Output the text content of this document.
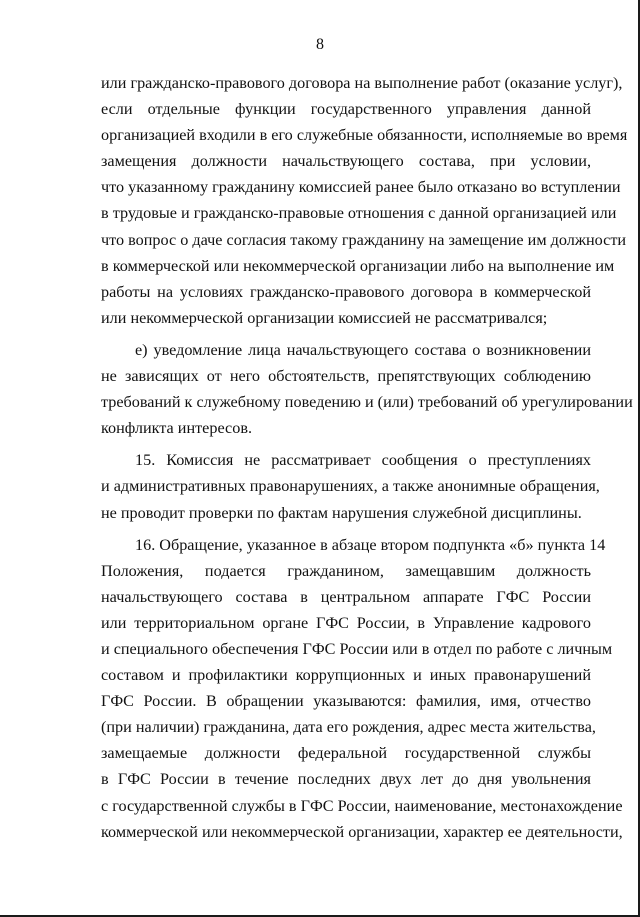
8
или гражданско-правового договора на выполнение работ (оказание услуг),
если отдельные функции государственного управления данной
организацией входили в его служебные обязанности, исполняемые во время
замещения должности начальствующего состава, при условии,
что указанному гражданину комиссией ранее было отказано во вступлении
в трудовые и гражданско-правовые отношения с данной организацией или
что вопрос о даче согласия такому гражданину на замещение им должности
в коммерческой или некоммерческой организации либо на выполнение им
работы на условиях гражданско-правового договора в коммерческой
или некоммерческой организации комиссией не рассматривался;
е) уведомление лица начальствующего состава о возникновении
не зависящих от него обстоятельств, препятствующих соблюдению
требований к служебному поведению и (или) требований об урегулировании
конфликта интересов.
15. Комиссия не рассматривает сообщения о преступлениях
и административных правонарушениях, а также анонимные обращения,
не проводит проверки по фактам нарушения служебной дисциплины.
16. Обращение, указанное в абзаце втором подпункта «б» пункта 14
Положения, подается гражданином, замещавшим должность
начальствующего состава в центральном аппарате ГФС России
или территориальном органе ГФС России, в Управление кадрового
и специального обеспечения ГФС России или в отдел по работе с личным
составом и профилактики коррупционных и иных правонарушений
ГФС России. В обращении указываются: фамилия, имя, отчество
(при наличии) гражданина, дата его рождения, адрес места жительства,
замещаемые должности федеральной государственной службы
в ГФС России в течение последних двух лет до дня увольнения
с государственной службы в ГФС России, наименование, местонахождение
коммерческой или некоммерческой организации, характер ее деятельности,
